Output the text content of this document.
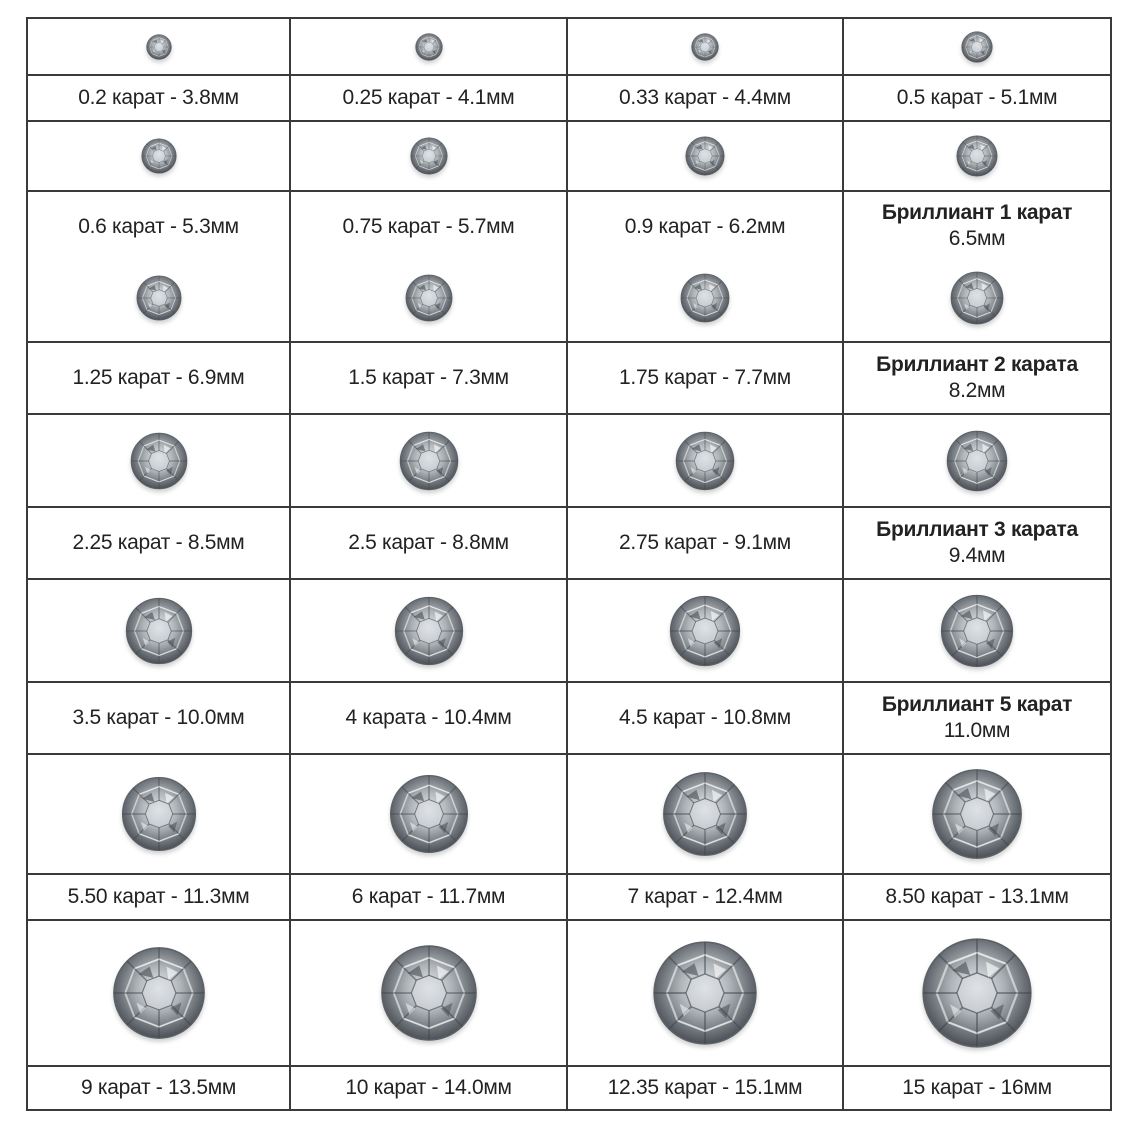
0.2 карат - 3.8мм	0.25 карат - 4.1мм	0.33 карат - 4.4мм	0.5 карат - 5.1мм

0.6 карат - 5.3мм	0.75 карат - 5.7мм	0.9 карат - 6.2мм	Бриллиант 1 карат
6.5мм

1.25 карат - 6.9мм	1.5 карат - 7.3мм	1.75 карат - 7.7мм	Бриллиант 2 карата
8.2мм

2.25 карат - 8.5мм	2.5 карат - 8.8мм	2.75 карат - 9.1мм	Бриллиант 3 карата
9.4мм

3.5 карат - 10.0мм	4 карата - 10.4мм	4.5 карат - 10.8мм	Бриллиант 5 карат
11.0мм

5.50 карат - 11.3мм	6 карат - 11.7мм	7 карат - 12.4мм	8.50 карат - 13.1мм

9 карат - 13.5мм	10 карат - 14.0мм	12.35 карат - 15.1мм	15 карат - 16мм
